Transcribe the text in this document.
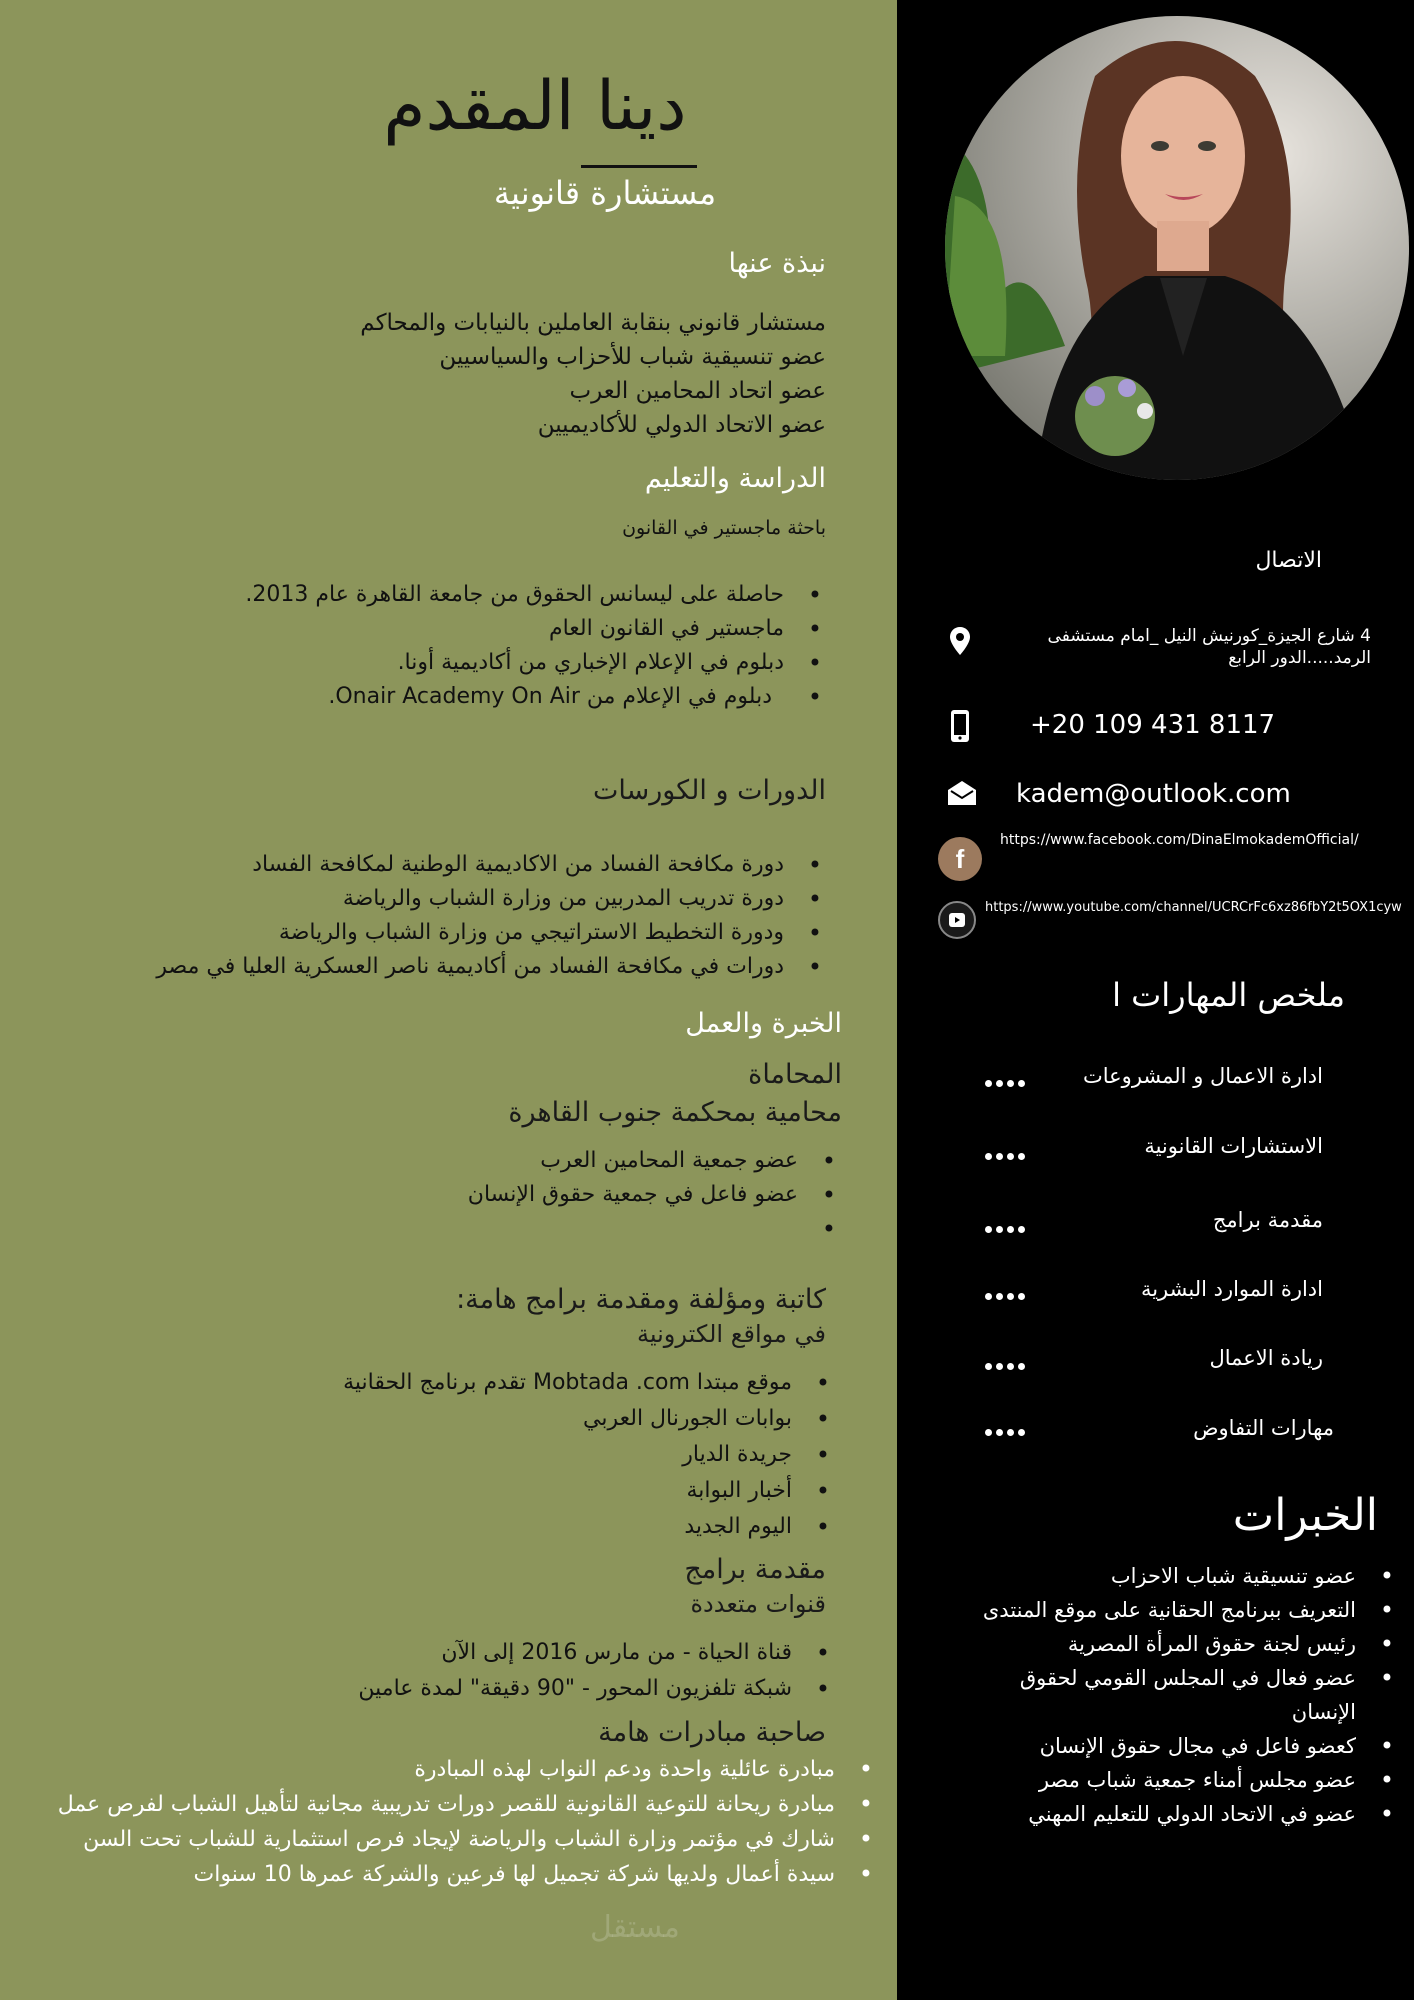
دينا المقدم
مستشارة قانونية
نبذة عنها
مستشار قانوني بنقابة العاملين بالنيابات والمحاكم
عضو تنسيقية شباب للأحزاب والسياسيين
عضو اتحاد المحامين العرب
عضو الاتحاد الدولي للأكاديميين
الدراسة والتعليم
باحثة ماجستير في القانون
• حاصلة على ليسانس الحقوق من جامعة القاهرة عام 2013.
• ماجستير في القانون العام
• دبلوم في الإعلام الإخباري من أكاديمية أونا.
• دبلوم في الإعلام من Onair Academy On Air.
الدورات و الكورسات
• دورة مكافحة الفساد من الاكاديمية الوطنية لمكافحة الفساد
• دورة تدريب المدربين من وزارة الشباب والرياضة
• ودورة التخطيط الاستراتيجي من وزارة الشباب والرياضة
• دورات في مكافحة الفساد من أكاديمية ناصر العسكرية العليا في مصر
الخبرة والعمل
المحاماة
محامية بمحكمة جنوب القاهرة
• عضو جمعية المحامين العرب
• عضو فاعل في جمعية حقوق الإنسان
•
كاتبة ومؤلفة ومقدمة برامج هامة:
في مواقع الكترونية
• موقع مبتدا Mobtada .com تقدم برنامج الحقانية
• بوابات الجورنال العربي
• جريدة الديار
• أخبار البوابة
• اليوم الجديد
مقدمة برامج
قنوات متعددة
• قناة الحياة - من مارس 2016 إلى الآن
• شبكة تلفزيون المحور - "90 دقيقة" لمدة عامين
صاحبة مبادرات هامة
• مبادرة عائلية واحدة ودعم النواب لهذه المبادرة
• مبادرة ريحانة للتوعية القانونية للقصر دورات تدريبية مجانية لتأهيل الشباب لفرص عمل
• شارك في مؤتمر وزارة الشباب والرياضة لإيجاد فرص استثمارية للشباب تحت السن
• سيدة أعمال ولديها شركة تجميل لها فرعين والشركة عمرها 10 سنوات
مستقل
الاتصال
4 شارع الجيزة_كورنيش النيل _امام مستشفى الرمد.....الدور الرابع
+20 109 431 8117
kadem@outlook.com
f
https://www.facebook.com/DinaElmokademOfficial/
https://www.youtube.com/channel/UCRCrFc6xz86fbY2t5OX1cyw
ملخص المهارات ا
ادارة الاعمال و المشروعات
الاستشارات القانونية
مقدمة برامج
ادارة الموارد البشرية
ريادة الاعمال
مهارات التفاوض
الخبرات
• عضو تنسيقية شباب الاحزاب
• التعريف ببرنامج الحقانية على موقع المنتدى
• رئيس لجنة حقوق المرأة المصرية
• عضو فعال في المجلس القومي لحقوق الإنسان
• كعضو فاعل في مجال حقوق الإنسان
• عضو مجلس أمناء جمعية شباب مصر
• عضو في الاتحاد الدولي للتعليم المهني
